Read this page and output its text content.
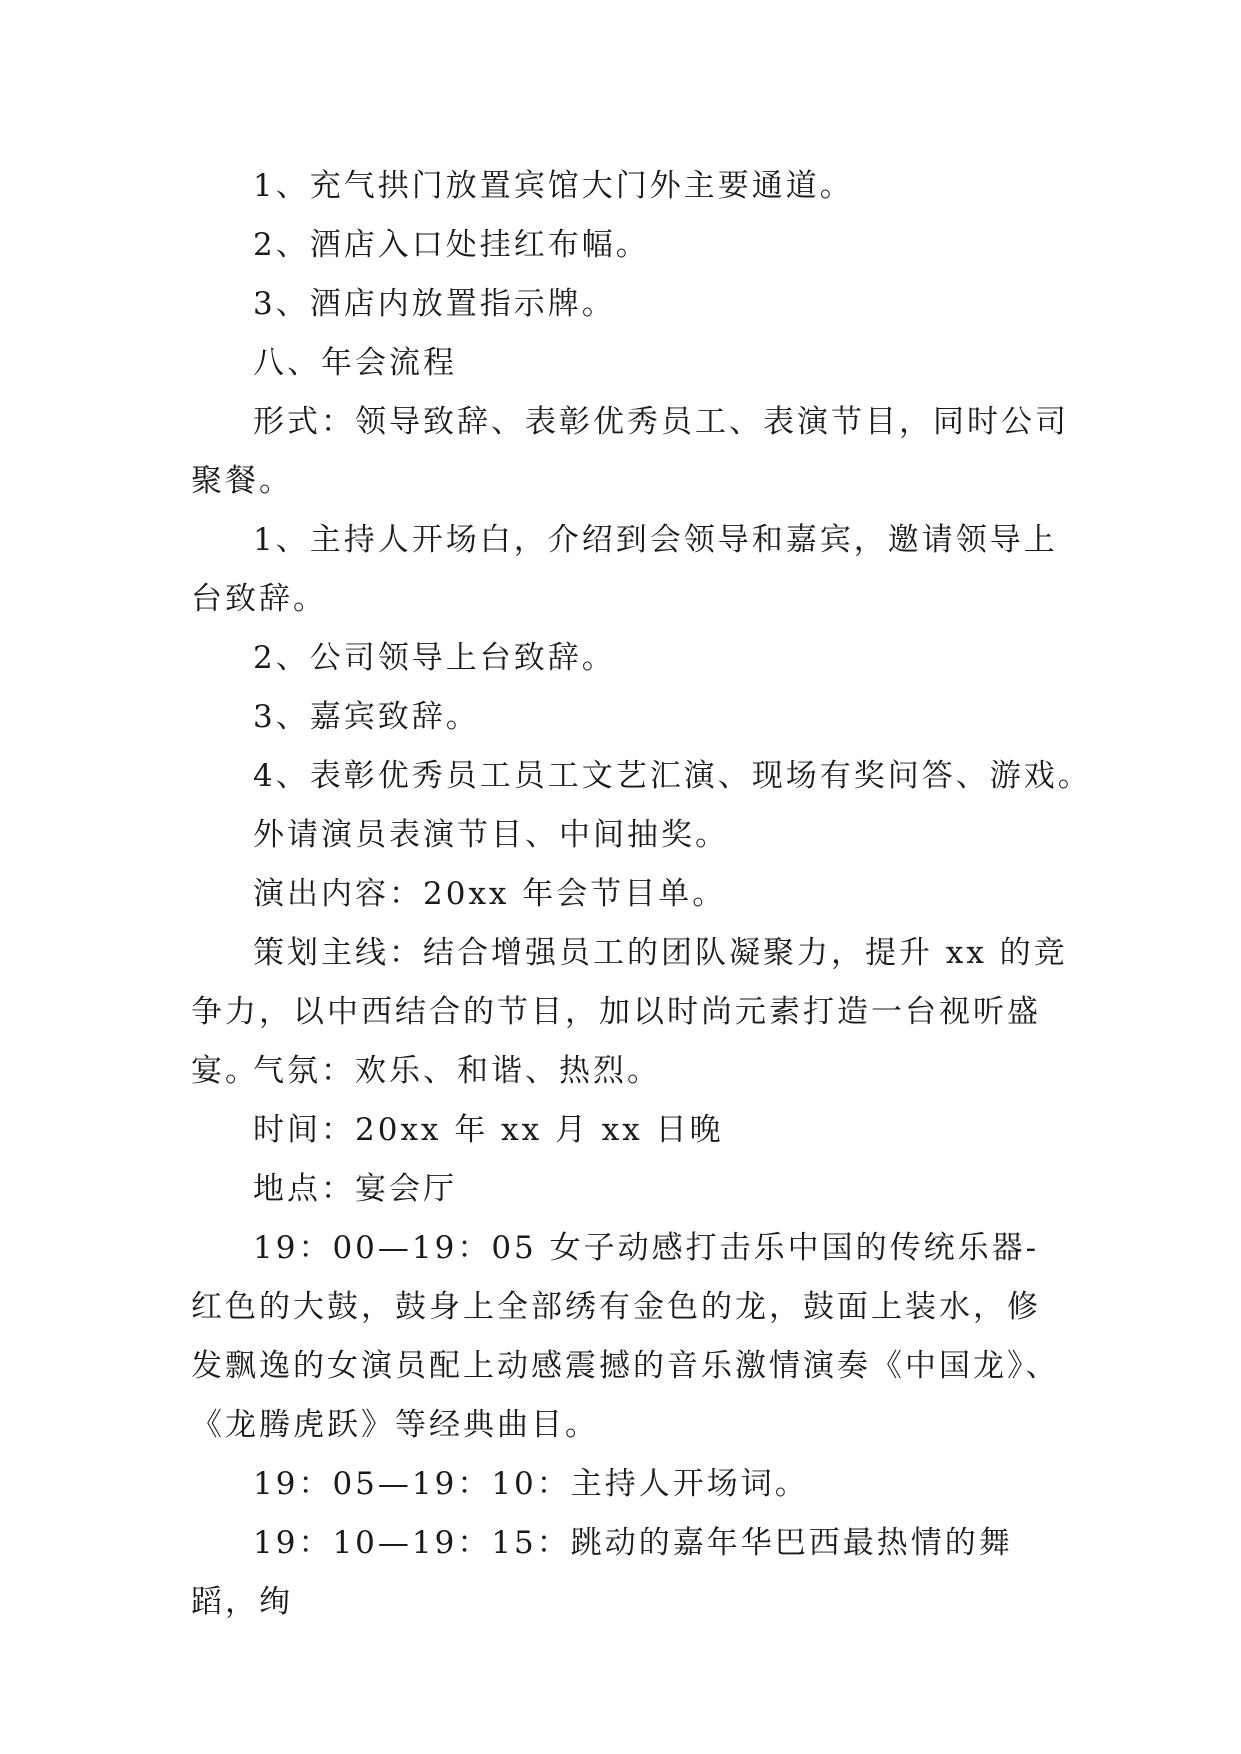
1、充气拱门放置宾馆大门外主要通道。

2、酒店入口处挂红布幅。

3、酒店内放置指示牌。

八、年会流程

形式：领导致辞、表彰优秀员工、表演节目，同时公司聚餐。

1、主持人开场白，介绍到会领导和嘉宾，邀请领导上台致辞。

2、公司领导上台致辞。

3、嘉宾致辞。

4、表彰优秀员工员工文艺汇演、现场有奖问答、游戏。

外请演员表演节目、中间抽奖。

演出内容：20xx 年会节目单。

策划主线：结合增强员工的团队凝聚力，提升 xx 的竞争力，以中西结合的节目，加以时尚元素打造一台视听盛宴。

气氛：欢乐、和谐、热烈。

时间：20xx 年 xx 月 xx 日晚

地点：宴会厅

19：00—19：05 女子动感打击乐中国的传统乐器-红色的大鼓，鼓身上全部绣有金色的龙，鼓面上装水，修发飘逸的女演员配上动感震撼的音乐激情演奏《中国龙》、《龙腾虎跃》等经典曲目。

19：05—19：10：主持人开场词。

19：10—19：15：跳动的嘉年华巴西最热情的舞蹈，绚
